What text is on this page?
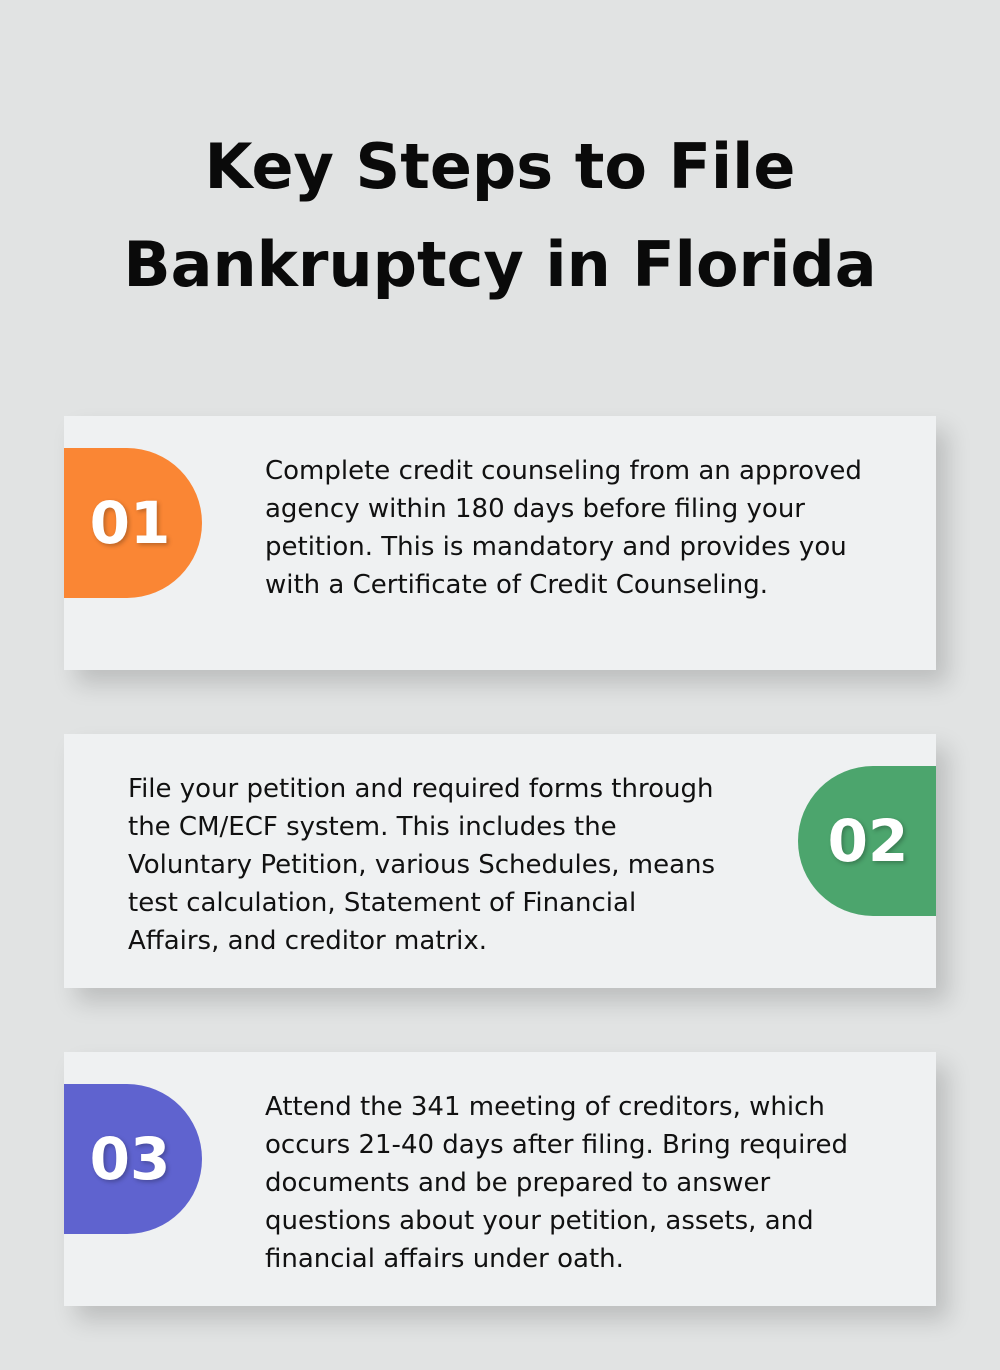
Key Steps to File
Bankruptcy in Florida
01

Complete credit counseling from an approved agency within 180 days before filing your petition. This is mandatory and provides you with a Certificate of Credit Counseling.

File your petition and required forms through the CM/ECF system. This includes the Voluntary Petition, various Schedules, means test calculation, Statement of Financial Affairs, and creditor matrix.

02
03

Attend the 341 meeting of creditors, which occurs 21-40 days after filing. Bring required documents and be prepared to answer questions about your petition, assets, and financial affairs under oath.
